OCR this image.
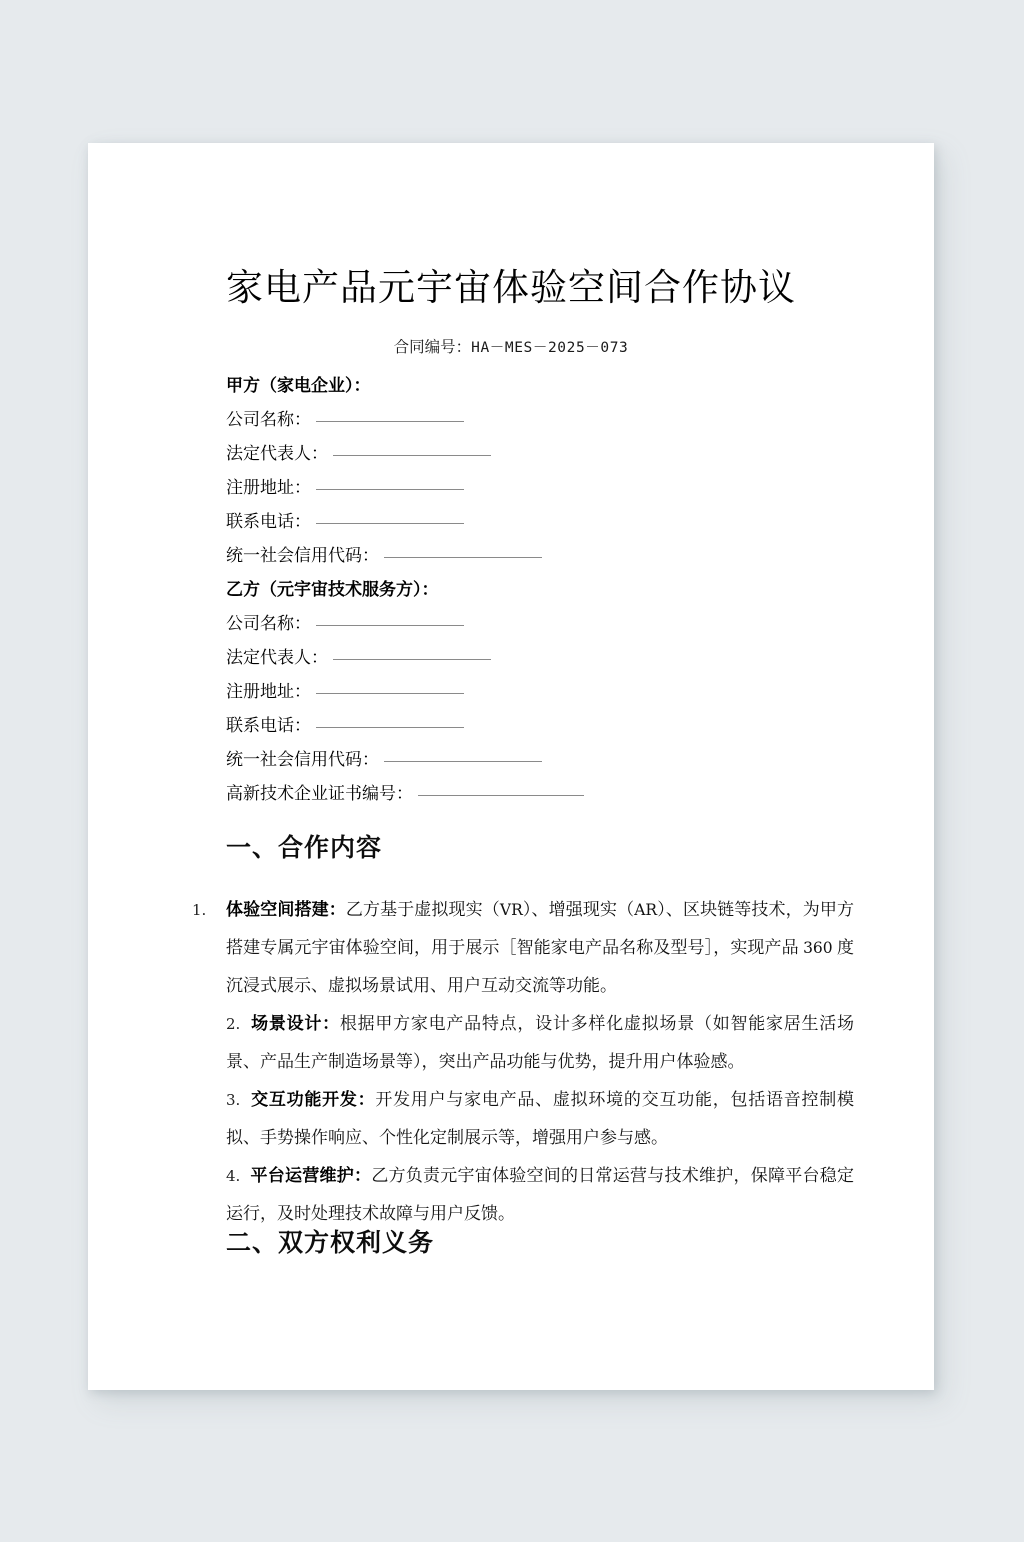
家电产品元宇宙体验空间合作协议
合同编号：HA－MES－2025－073
甲方（家电企业）：
公司名称：
法定代表人：
注册地址：
联系电话：
统一社会信用代码：
乙方（元宇宙技术服务方）：
公司名称：
法定代表人：
注册地址：
联系电话：
统一社会信用代码：
高新技术企业证书编号：
一、合作内容
1. 体验空间搭建：乙方基于虚拟现实（VR）、增强现实（AR）、区块链等技术，为甲方搭建专属元宇宙体验空间，用于展示［智能家电产品名称及型号］，实现产品 360 度沉浸式展示、虚拟场景试用、用户互动交流等功能。
2. 场景设计：根据甲方家电产品特点，设计多样化虚拟场景（如智能家居生活场景、产品生产制造场景等），突出产品功能与优势，提升用户体验感。
3. 交互功能开发：开发用户与家电产品、虚拟环境的交互功能，包括语音控制模拟、手势操作响应、个性化定制展示等，增强用户参与感。
4. 平台运营维护：乙方负责元宇宙体验空间的日常运营与技术维护，保障平台稳定运行，及时处理技术故障与用户反馈。
二、双方权利义务
